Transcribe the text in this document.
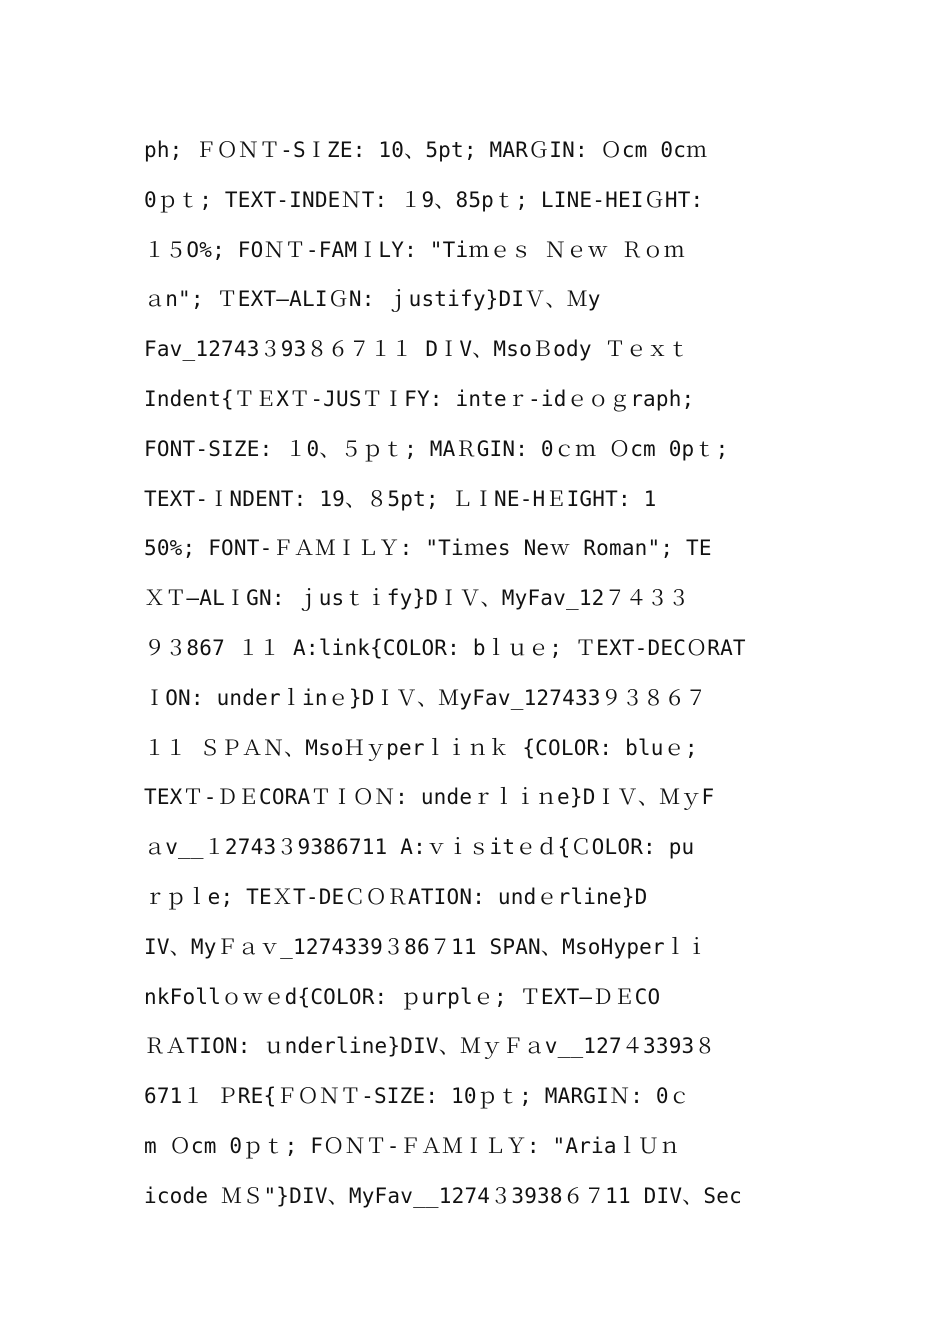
ph; ＦＯＮＴ-SＩZE: 10、5pt; MARＧIN: Ｏcm 0cｍ
0ｐｔ; TEXT-INDEＮT: １9、85pｔ; LINE-HEIＧHT:
１５O%; FOＮＴ-FAMＩLY: "Tiｍｅｓ Ｎｅｗ Ｒｏｍ
ａn"; ＴEXT—ALIＧN: ｊustify}DIＶ、Ｍy
Fav_12743３93８６７１１ DＩV、MsoＢody Ｔｅｘｔ
Indent{ＴＥXＴ-JUSＴＩFY: inteｒ-idｅｏｇraph;
FONT-SIZE: １0、５ｐｔ; MAＲGIN: 0ｃｍ Ｏcm 0pｔ;
TEXT-ＩNDENT: 19、８5pt; ＬＩNE-HＥIGHT: 1
50%; FONT-ＦＡＭＩＬＹ: "Tiｍes Neｗ Roman"; TE
ＸＴ—ALＩGN: ｊusｔｉfy}DＩＶ、MyFav_12７４３３
９３867 １１ A:link{COLOR: bｌｕｅ; ＴEXT-DECＯRAT
ＩON: underｌinｅ}DＩＶ、ＭyFav_127433９３８６７
１１ ＳＰＡＮ、MsoＨｙperｌｉｎｋ {COLOR: bluｅ;
TEXＴ-ＤＥCORAＴＩＯＮ: undeｒｌｉｎe}DＩＶ、ＭｙF
ａv__１2743３9386711 A:ｖｉｓitｅｄ{ＣOLOR: pu
ｒｐｌe; TEＸT-DEＣＯＲATION: undｅrline}D
IV、MyＦａｖ_1274339３86７11 SPAN、MsoHyperｌｉ
nkFollｏｗｅd{COLOR: ｐurplｅ; ＴEXT—ＤＥCO
ＲＡTION: ｕnderline}DIV、ＭｙＦａv__127４3393８
671１ ＰRE{ＦＯＮＴ-SIZE: 10ｐｔ; MARGIＮ: 0ｃ
m Ｏcm 0ｐｔ; FＯＮＴ-ＦＡＭＩＬＹ: "AriaｌＵｎ
icode ＭＳ"}DIV、MyFav__1274３3938６７11 DIV、Sec
